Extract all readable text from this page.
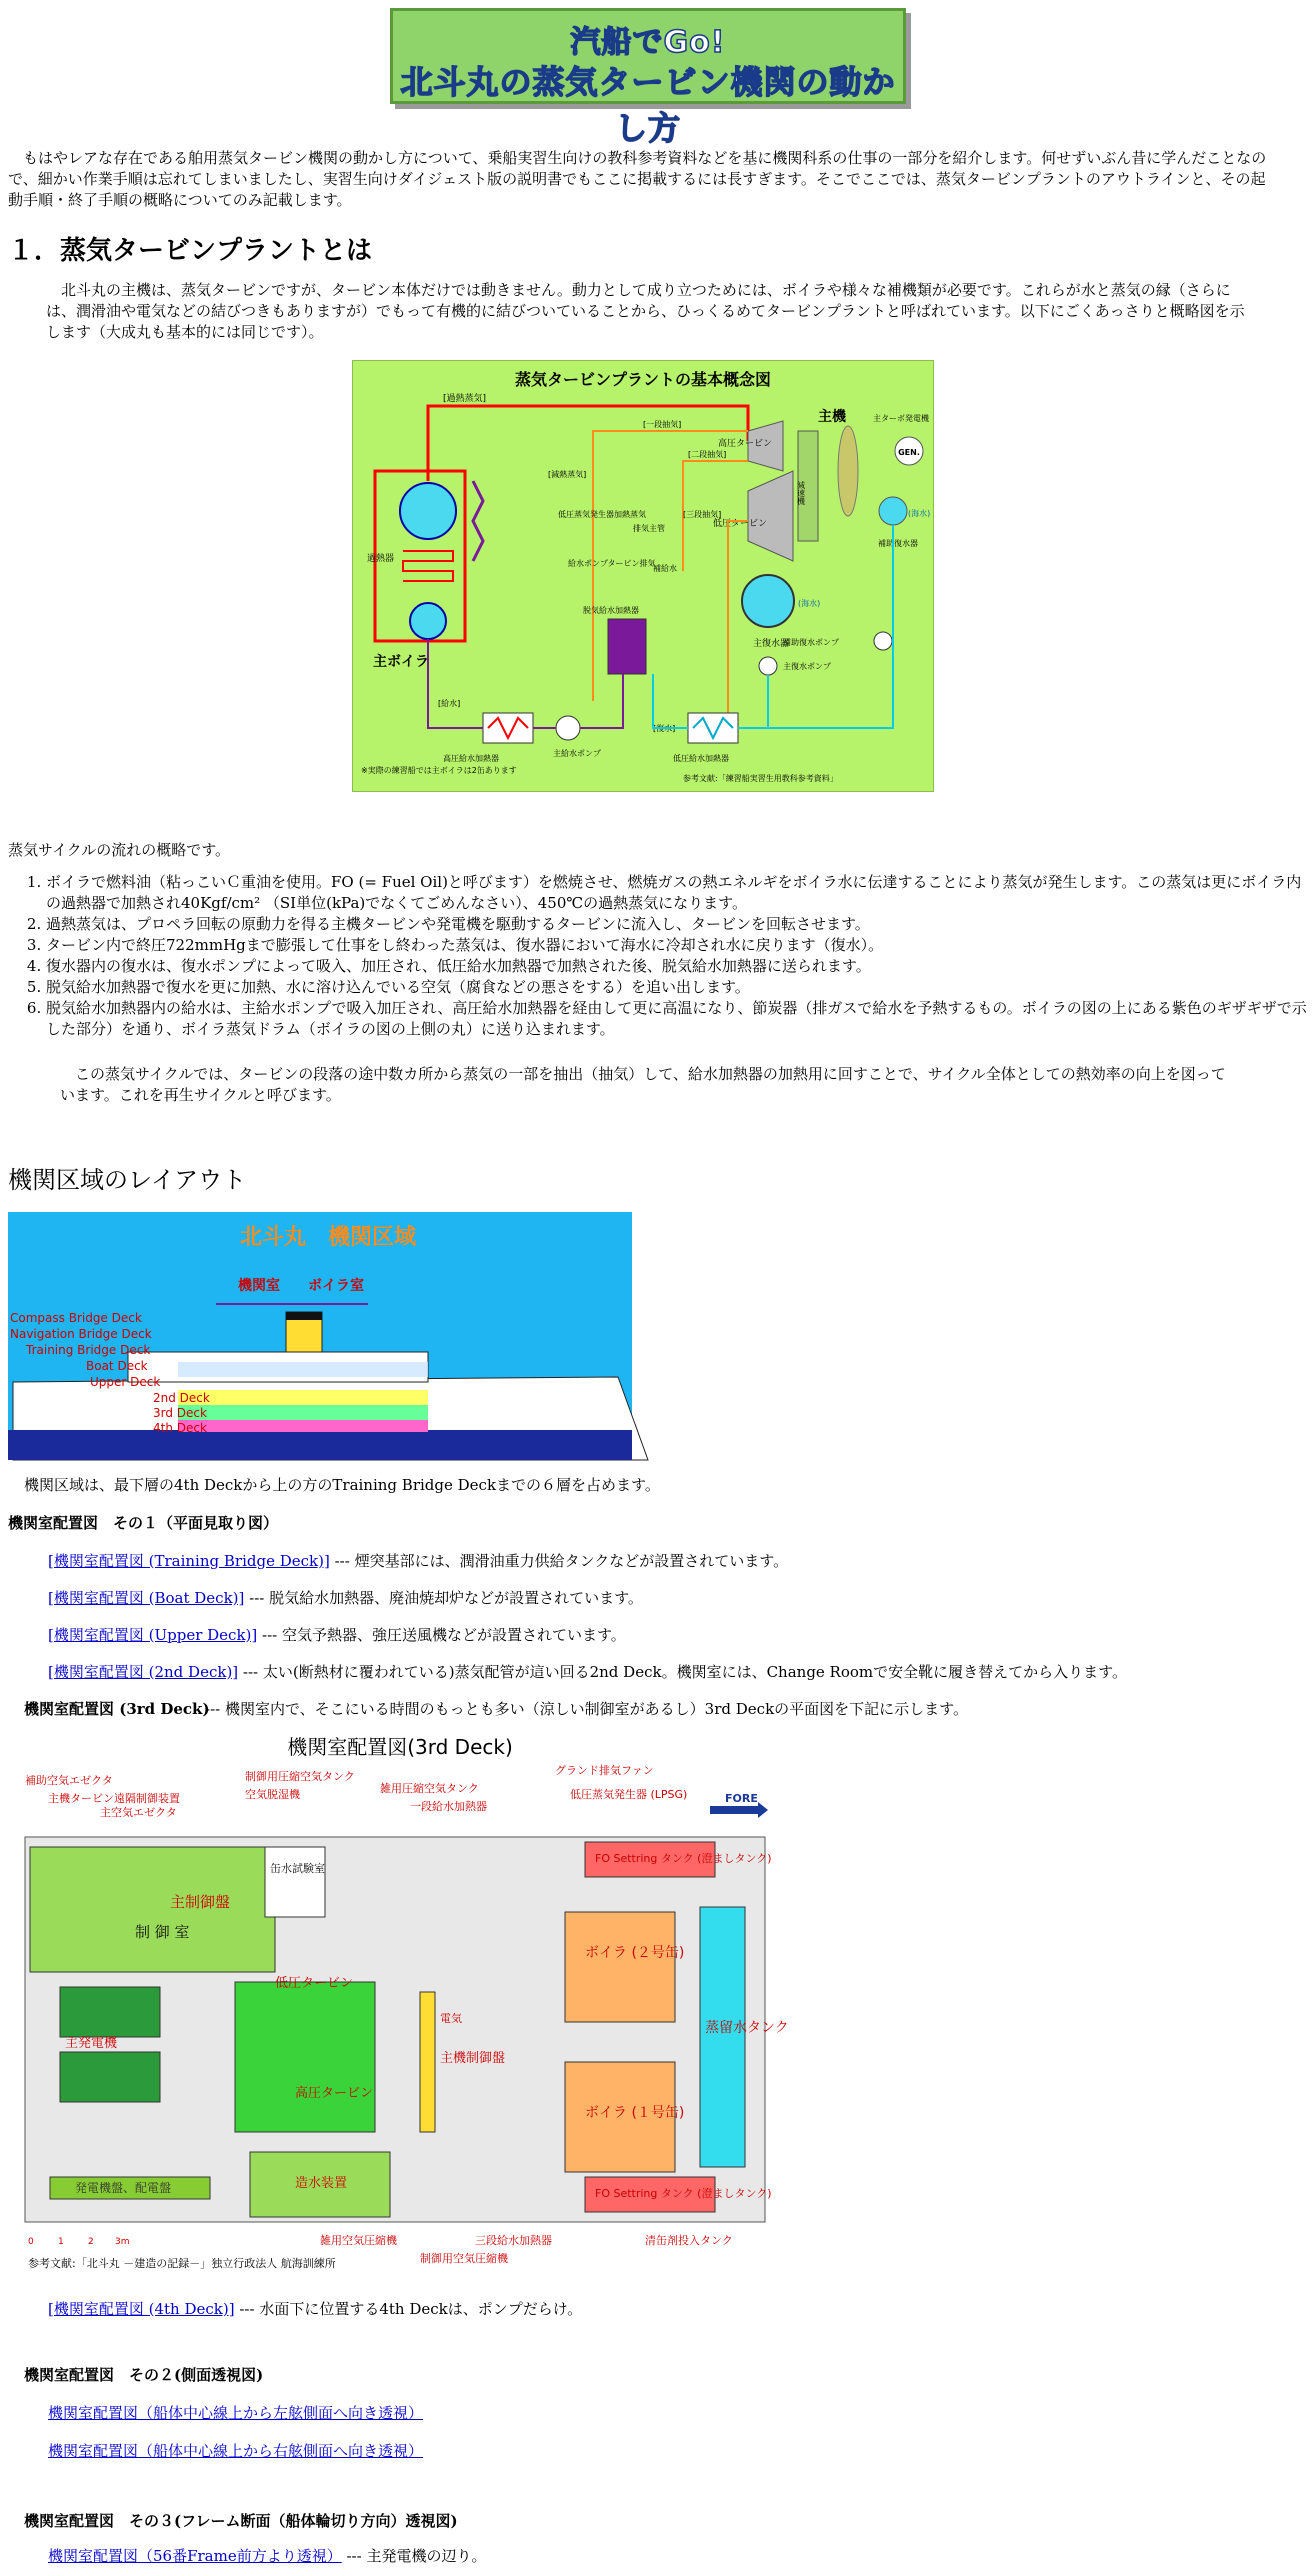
汽船でGo!
北斗丸の蒸気タービン機関の動かし方
もはやレアな存在である舶用蒸気タービン機関の動かし方について、乗船実習生向けの教科参考資料などを基に機関科系の仕事の一部分を紹介します。何せずいぶん昔に学んだことなので、細かい作業手順は忘れてしまいましたし、実習生向けダイジェスト版の説明書でもここに掲載するには長すぎます。そこでここでは、蒸気タービンプラントのアウトラインと、その起動手順・終了手順の概略についてのみ記載します。
１．蒸気タービンプラントとは
北斗丸の主機は、蒸気タービンですが、タービン本体だけでは動きません。動力として成り立つためには、ボイラや様々な補機類が必要です。これらが水と蒸気の縁（さらには、潤滑油や電気などの結びつきもありますが）でもって有機的に結びついていることから、ひっくるめてタービンプラントと呼ばれています。以下にごくあっさりと概略図を示します（大成丸も基本的には同じです）。
蒸気タービンプラントの基本概念図
主ボイラ
過熱器
[過熱蒸気]
主機
高圧タービン
低圧タービン
減速機
GEN.
主ターボ発電機
補助復水器
(海水)
主復水器
(海水)
主復水ポンプ
補助復水ポンプ
[一段抽気]
[二段抽気]
[三段抽気]
[減熱蒸気]
低圧蒸気発生器加熱蒸気
排気主管
補給水
給水ポンプタービン排気
脱気給水加熱器
高圧給水加熱器
主給水ポンプ
低圧給水加熱器
[給水]
[復水]
※実際の練習船では主ボイラは2缶あります
参考文献:「練習船実習生用教科参考資料」
蒸気サイクルの流れの概略です。
1. ボイラで燃料油（粘っこいＣ重油を使用。FO (= Fuel Oil)と呼びます）を燃焼させ、燃焼ガスの熱エネルギをボイラ水に伝達することにより蒸気が発生します。この蒸気は更にボイラ内の過熱器で加熱され40Kgf/cm² （SI単位(kPa)でなくてごめんなさい）、450℃の過熱蒸気になります。
2. 過熱蒸気は、プロペラ回転の原動力を得る主機タービンや発電機を駆動するタービンに流入し、タービンを回転させます。
3. タービン内で終圧722mmHgまで膨張して仕事をし終わった蒸気は、復水器において海水に冷却され水に戻ります（復水）。
4. 復水器内の復水は、復水ポンプによって吸入、加圧され、低圧給水加熱器で加熱された後、脱気給水加熱器に送られます。
5. 脱気給水加熱器で復水を更に加熱、水に溶け込んでいる空気（腐食などの悪さをする）を追い出します。
6. 脱気給水加熱器内の給水は、主給水ポンプで吸入加圧され、高圧給水加熱器を経由して更に高温になり、節炭器（排ガスで給水を予熱するもの。ボイラの図の上にある紫色のギザギザで示した部分）を通り、ボイラ蒸気ドラム（ボイラの図の上側の丸）に送り込まれます。
この蒸気サイクルでは、タービンの段落の途中数カ所から蒸気の一部を抽出（抽気）して、給水加熱器の加熱用に回すことで、サイクル全体としての熱効率の向上を図っています。これを再生サイクルと呼びます。
機関区域のレイアウト
北斗丸　機関区域
機関室 ボイラ室
Compass Bridge Deck
Navigation Bridge Deck
Training Bridge Deck
Boat Deck
Upper Deck
2nd Deck
3rd Deck
4th Deck
機関区域は、最下層の4th Deckから上の方のTraining Bridge Deckまでの６層を占めます。
機関室配置図　その１（平面見取り図）
[機関室配置図 (Training Bridge Deck)] --- 煙突基部には、潤滑油重力供給タンクなどが設置されています。
[機関室配置図 (Boat Deck)] --- 脱気給水加熱器、廃油焼却炉などが設置されています。
[機関室配置図 (Upper Deck)] --- 空気予熱器、強圧送風機などが設置されています。
[機関室配置図 (2nd Deck)] --- 太い(断熱材に覆われている)蒸気配管が這い回る2nd Deck。機関室には、Change Roomで安全靴に履き替えてから入ります。
機関室配置図 (3rd Deck)
--- 機関室内で、そこにいる時間のもっとも多い（涼しい制御室があるし）3rd Deckの平面図を下記に示します。
機関室配置図(3rd Deck)
FORE
補助空気エゼクタ
主機タービン遠隔制御装置
主空気エゼクタ
制御用圧縮空気タンク
空気脱湿機	雑用圧縮空気タンク
一段給水加熱器
グランド排気ファン
低圧蒸気発生器 (LPSG)
FO Settring タンク (澄ましタンク)
缶水試験室
主制御盤
制 御 室
低圧タービン
主発電機
主機制御盤
ボイラ (２号缶)
ボイラ (１号缶)
蒸留水タンク
高圧タービン
造水装置
発電機盤、配電盤	FO Settring タンク (澄ましタンク)
雑用空気圧縮機
制御用空気圧縮機
三段給水加熱器	清缶剤投入タンク
電気
0	1	2 3m
参考文献:「北斗丸 －建造の記録－」独立行政法人 航海訓練所
[機関室配置図 (4th Deck)] --- 水面下に位置する4th Deckは、ポンプだらけ。
機関室配置図　その２(側面透視図)
機関室配置図（船体中心線上から左舷側面へ向き透視）
機関室配置図（船体中心線上から右舷側面へ向き透視）
機関室配置図　その３(フレーム断面（船体輪切り方向）透視図)
機関室配置図（56番Frame前方より透視） --- 主発電機の辺り。
